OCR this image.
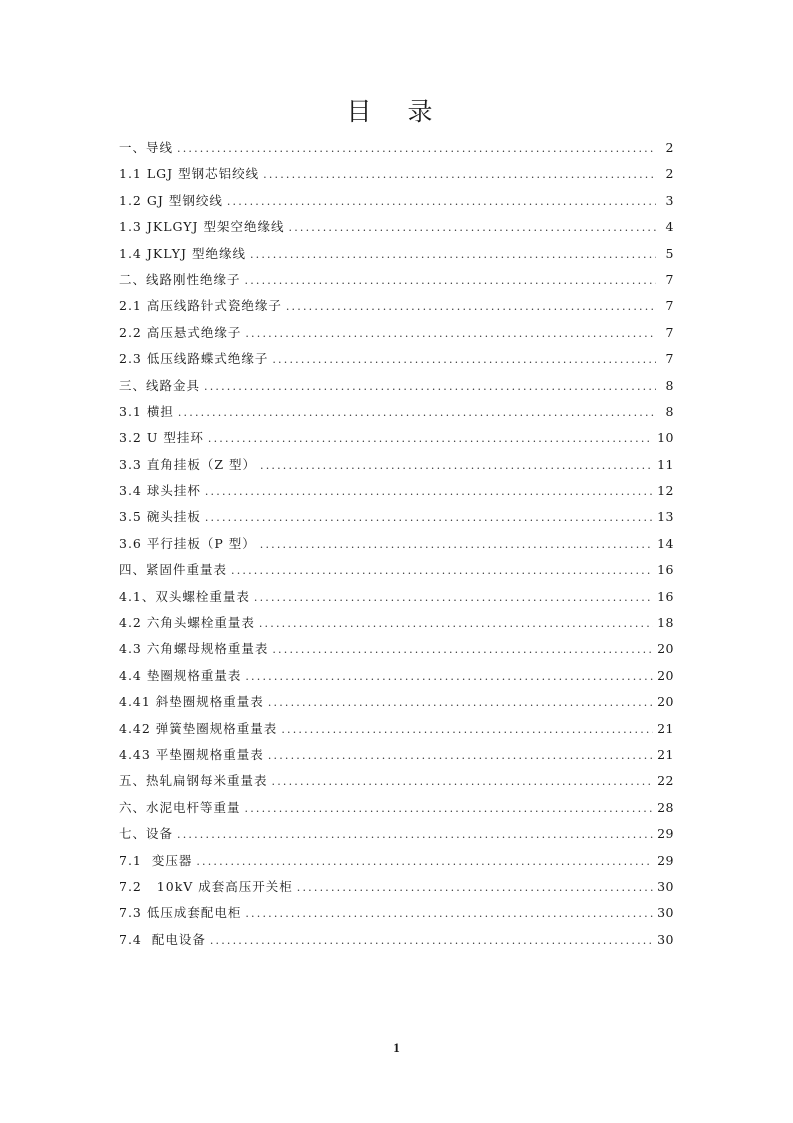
目 录
一、导线 .....	2
1.1 LGJ 型钢芯铝绞线 .....	2
1.2 GJ 型钢绞线 .....	3
1.3 JKLGYJ 型架空绝缘线 .....	4
1.4 JKLYJ 型绝缘线 .....	5
二、线路刚性绝缘子 .....	7
2.1 高压线路针式瓷绝缘子 .....	7
2.2 高压悬式绝缘子 .....	7
2.3 低压线路蝶式绝缘子 .....	7
三、线路金具 .....	8
3.1 横担 .....	8
3.2 U 型挂环 .....	10
3.3 直角挂板（Z 型） .....	11
3.4 球头挂杯 .....	12
3.5 碗头挂板 .....	13
3.6 平行挂板（P 型） .....	14
四、紧固件重量表 .....	16
4.1、双头螺栓重量表 .....	16
4.2 六角头螺栓重量表 .....	18
4.3 六角螺母规格重量表 .....	20
4.4 垫圈规格重量表 .....	20
4.41 斜垫圈规格重量表 .....	20
4.42 弹簧垫圈规格重量表 .....	21
4.43 平垫圈规格重量表 .....	21
五、热轧扁钢每米重量表 .....	22
六、水泥电杆等重量 .....	28
七、设备 .....	29
7.1  变压器 .....	29
7.2   10kV 成套高压开关柜 .....	30
7.3 低压成套配电柜 .....	30
7.4  配电设备 .....	30
1
